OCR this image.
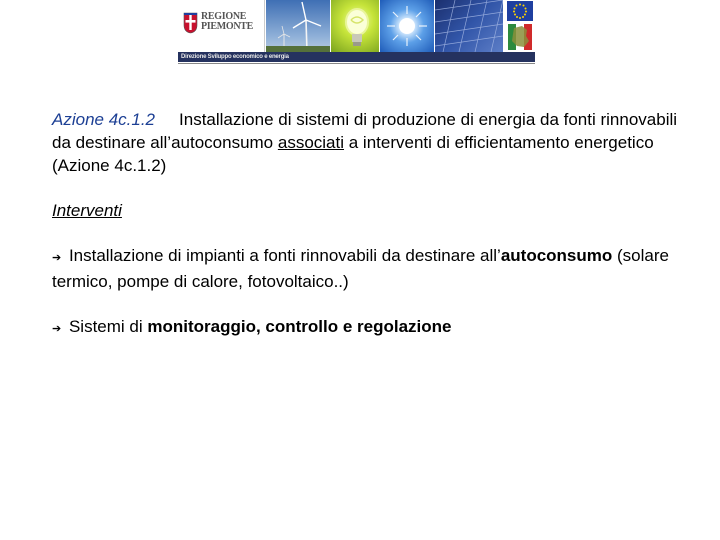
REGIONE
PIEMONTE
Direzione Sviluppo economico e energia

Azione 4c.1.2 Installazione di sistemi di produzione di energia da fonti rinnovabili da destinare all’autoconsumo associati a interventi di efficientamento energetico (Azione 4c.1.2)

Interventi
➔ Installazione di impianti a fonti rinnovabili da destinare all’autoconsumo (solare termico, pompe di calore, fotovoltaico..)
➔ Sistemi di monitoraggio, controllo e regolazione
